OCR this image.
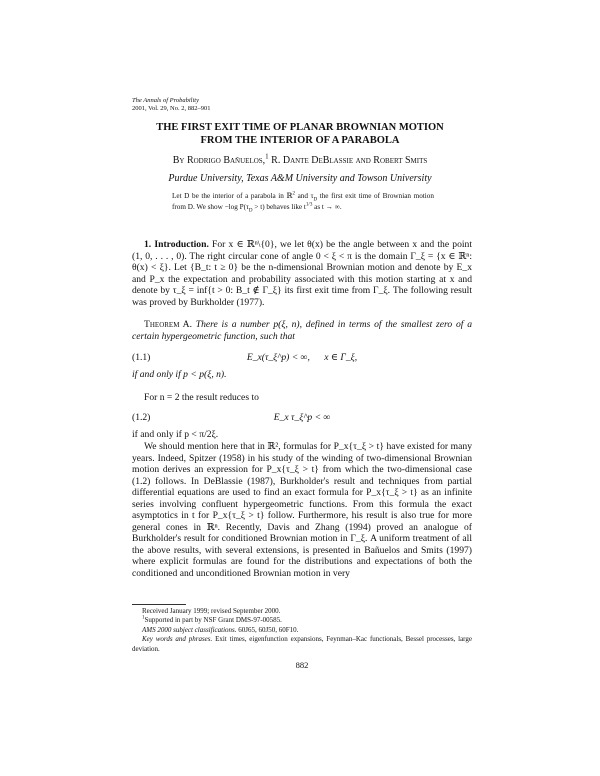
The Annals of Probability
2001, Vol. 29, No. 2, 882–901
THE FIRST EXIT TIME OF PLANAR BROWNIAN MOTION
FROM THE INTERIOR OF A PARABOLA
By Rodrigo Bañuelos,$^1$ R. Dante DeBlassie and Robert Smits
Purdue University, Texas A&M University and Towson University
Let D be the interior of a parabola in ℝ$^2$ and $\tau_D$ the first exit time of Brownian motion from D. We show −log $P(\tau_D > t)$ behaves like $t^{1/3}$ as t → ∞.

1. Introduction. For x ∈ ℝⁿ\{0}, we let θ(x) be the angle between x and the point (1, 0, . . . , 0). The right circular cone of angle 0 < ξ < π is the domain Γ_ξ = {x ∈ ℝⁿ: θ(x) < ξ}. Let {B_t: t ≥ 0} be the n-dimensional Brownian motion and denote by E_x and P_x the expectation and probability associated with this motion starting at x and denote by τ_ξ = inf{t > 0: B_t ∉ Γ_ξ} its first exit time from Γ_ξ. The following result was proved by Burkholder (1977).

Theorem A. There is a number p(ξ, n), defined in terms of the smallest zero of a certain hypergeometric function, such that

(1.1)	E_x(τ_ξ^p) < ∞, x ∈ Γ_ξ,

if and only if p < p(ξ, n).

For n = 2 the result reduces to

(1.2)	E_x τ_ξ^p < ∞

if and only if p < π/2ξ.

We should mention here that in ℝ², formulas for P_x{τ_ξ > t} have existed for many years. Indeed, Spitzer (1958) in his study of the winding of two-dimensional Brownian motion derives an expression for P_x{τ_ξ > t} from which the two-dimensional case (1.2) follows. In DeBlassie (1987), Burkholder's result and techniques from partial differential equations are used to find an exact formula for P_x{τ_ξ > t} as an infinite series involving confluent hypergeometric functions. From this formula the exact asymptotics in t for P_x{τ_ξ > t} follow. Furthermore, his result is also true for more general cones in ℝⁿ. Recently, Davis and Zhang (1994) proved an analogue of Burkholder's result for conditioned Brownian motion in Γ_ξ. A uniform treatment of all the above results, with several extensions, is presented in Bañuelos and Smits (1997) where explicit formulas are found for the distributions and expectations of both the conditioned and unconditioned Brownian motion in very

Received January 1999; revised September 2000.

$^1$Supported in part by NSF Grant DMS-97-00585.

AMS 2000 subject classifications. 60J65, 60J50, 60F10.

Key words and phrases. Exit times, eigenfunction expansions, Feynman–Kac functionals, Bessel processes, large deviation.

882
